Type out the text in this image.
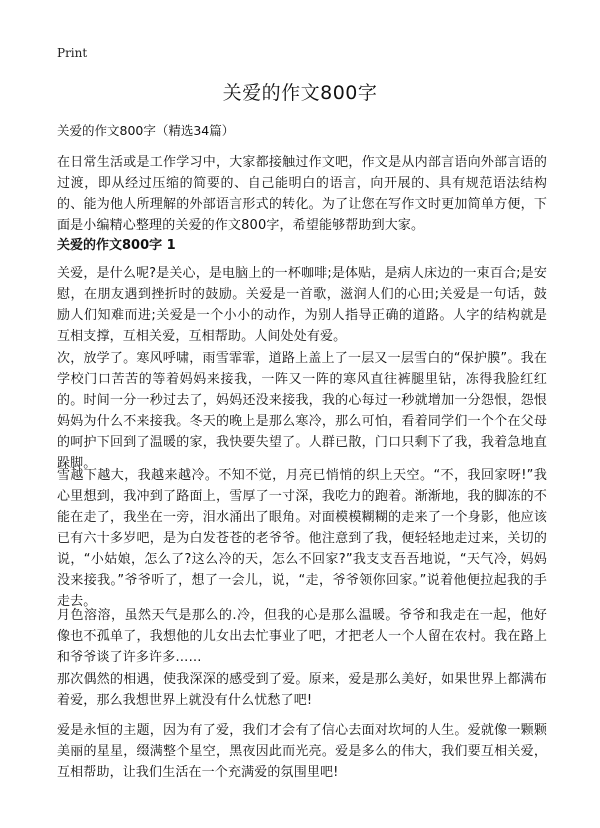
Print
关爱的作文800字

关爱的作文800字（精选34篇）

在日常生活或是工作学习中，大家都接触过作文吧，作文是从内部言语向外部言语的过渡，即从经过压缩的简要的、自己能明白的语言，向开展的、具有规范语法结构的、能为他人所理解的外部语言形式的转化。为了让您在写作文时更加简单方便，下面是小编精心整理的关爱的作文800字，希望能够帮助到大家。

关爱的作文800字 1

关爱，是什么呢?是关心，是电脑上的一杯咖啡;是体贴，是病人床边的一束百合;是安慰，在朋友遇到挫折时的鼓励。关爱是一首歌，滋润人们的心田;关爱是一句话，鼓励人们知难而进;关爱是一个小小的动作，为别人指导正确的道路。人字的结构就是互相支撑，互相关爱，互相帮助。人间处处有爱。

次，放学了。寒风呼啸，雨雪霏霏，道路上盖上了一层又一层雪白的“保护膜”。我在学校门口苦苦的等着妈妈来接我，一阵又一阵的寒风直往裤腿里钻，冻得我脸红红的。时间一分一秒过去了，妈妈还没来接我，我的心每过一秒就增加一分怨恨，怨恨妈妈为什么不来接我。冬天的晚上是那么寒冷，那么可怕，看着同学们一个个在父母的呵护下回到了温暖的家，我快要失望了。人群已散，门口只剩下了我，我着急地直跺脚。

雪越下越大，我越来越冷。不知不觉，月亮已悄悄的织上天空。“不，我回家呀!”我心里想到，我冲到了路面上，雪厚了一寸深，我吃力的跑着。渐渐地，我的脚冻的不能在走了，我坐在一旁，泪水涌出了眼角。对面模模糊糊的走来了一个身影，他应该已有六十多岁吧，是为白发苍苍的老爷爷。他注意到了我，便轻轻地走过来，关切的说，“小姑娘，怎么了?这么冷的天，怎么不回家?”我支支吾吾地说，“天气冷，妈妈没来接我。”爷爷听了，想了一会儿，说，“走，爷爷领你回家。”说着他便拉起我的手走去。

月色溶溶，虽然天气是那么的.冷，但我的心是那么温暖。爷爷和我走在一起，他好像也不孤单了，我想他的儿女出去忙事业了吧，才把老人一个人留在农村。我在路上和爷爷谈了许多许多……

那次偶然的相遇，使我深深的感受到了爱。原来，爱是那么美好，如果世界上都满布着爱，那么我想世界上就没有什么忧愁了吧!

爱是永恒的主题，因为有了爱，我们才会有了信心去面对坎坷的人生。爱就像一颗颗美丽的星星，缀满整个星空，黑夜因此而光亮。爱是多么的伟大，我们要互相关爱，互相帮助，让我们生活在一个充满爱的氛围里吧!
